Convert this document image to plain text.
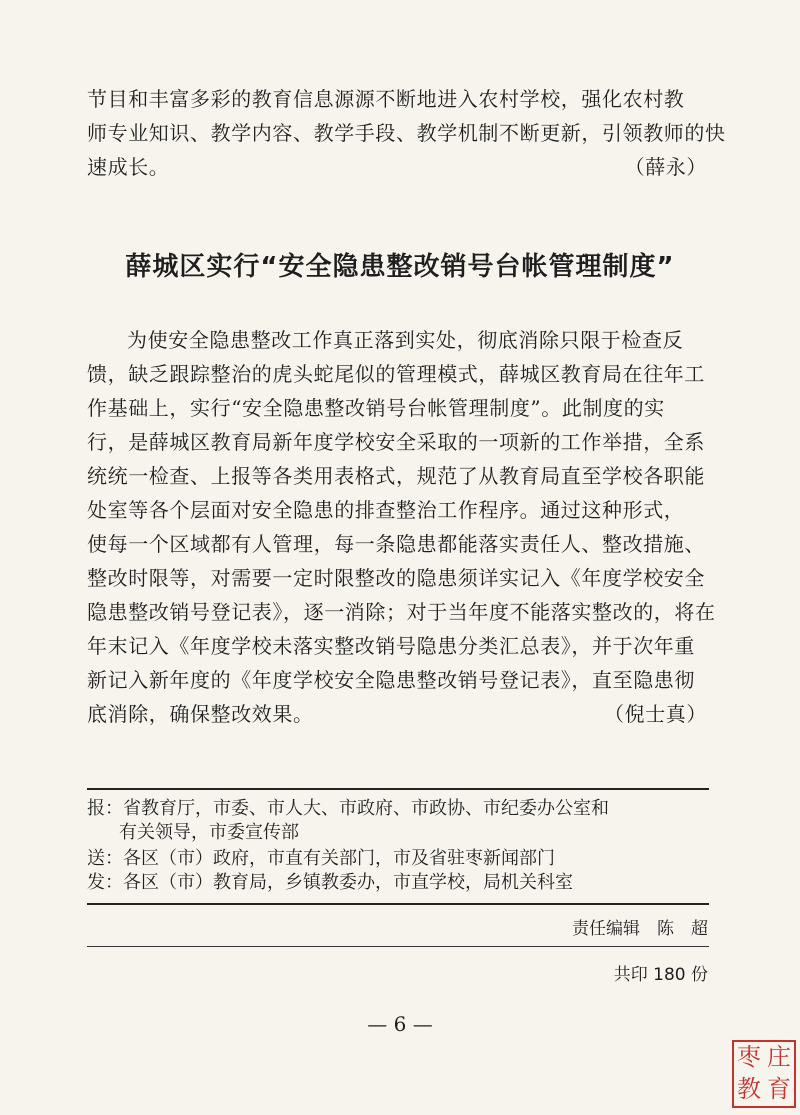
节目和丰富多彩的教育信息源源不断地进入农村学校，强化农村教
师专业知识、教学内容、教学手段、教学机制不断更新，引领教师的快
速成长。	（薛永）
薛城区实行“安全隐患整改销号台帐管理制度”
为使安全隐患整改工作真正落到实处，彻底消除只限于检查反
馈，缺乏跟踪整治的虎头蛇尾似的管理模式，薛城区教育局在往年工
作基础上，实行“安全隐患整改销号台帐管理制度”。此制度的实
行，是薛城区教育局新年度学校安全采取的一项新的工作举措，全系
统统一检查、上报等各类用表格式，规范了从教育局直至学校各职能
处室等各个层面对安全隐患的排查整治工作程序。通过这种形式，
使每一个区域都有人管理，每一条隐患都能落实责任人、整改措施、
整改时限等，对需要一定时限整改的隐患须详实记入《年度学校安全
隐患整改销号登记表》，逐一消除；对于当年度不能落实整改的，将在
年末记入《年度学校未落实整改销号隐患分类汇总表》，并于次年重
新记入新年度的《年度学校安全隐患整改销号登记表》，直至隐患彻
底消除，确保整改效果。	（倪士真）
报：省教育厅，市委、市人大、市政府、市政协、市纪委办公室和
有关领导，市委宣传部
送：各区（市）政府，市直有关部门，市及省驻枣新闻部门
发：各区（市）教育局，乡镇教委办，市直学校，局机关科室
责任编辑　陈　超
共印 180 份
— 6 —
枣 庄
教 育
